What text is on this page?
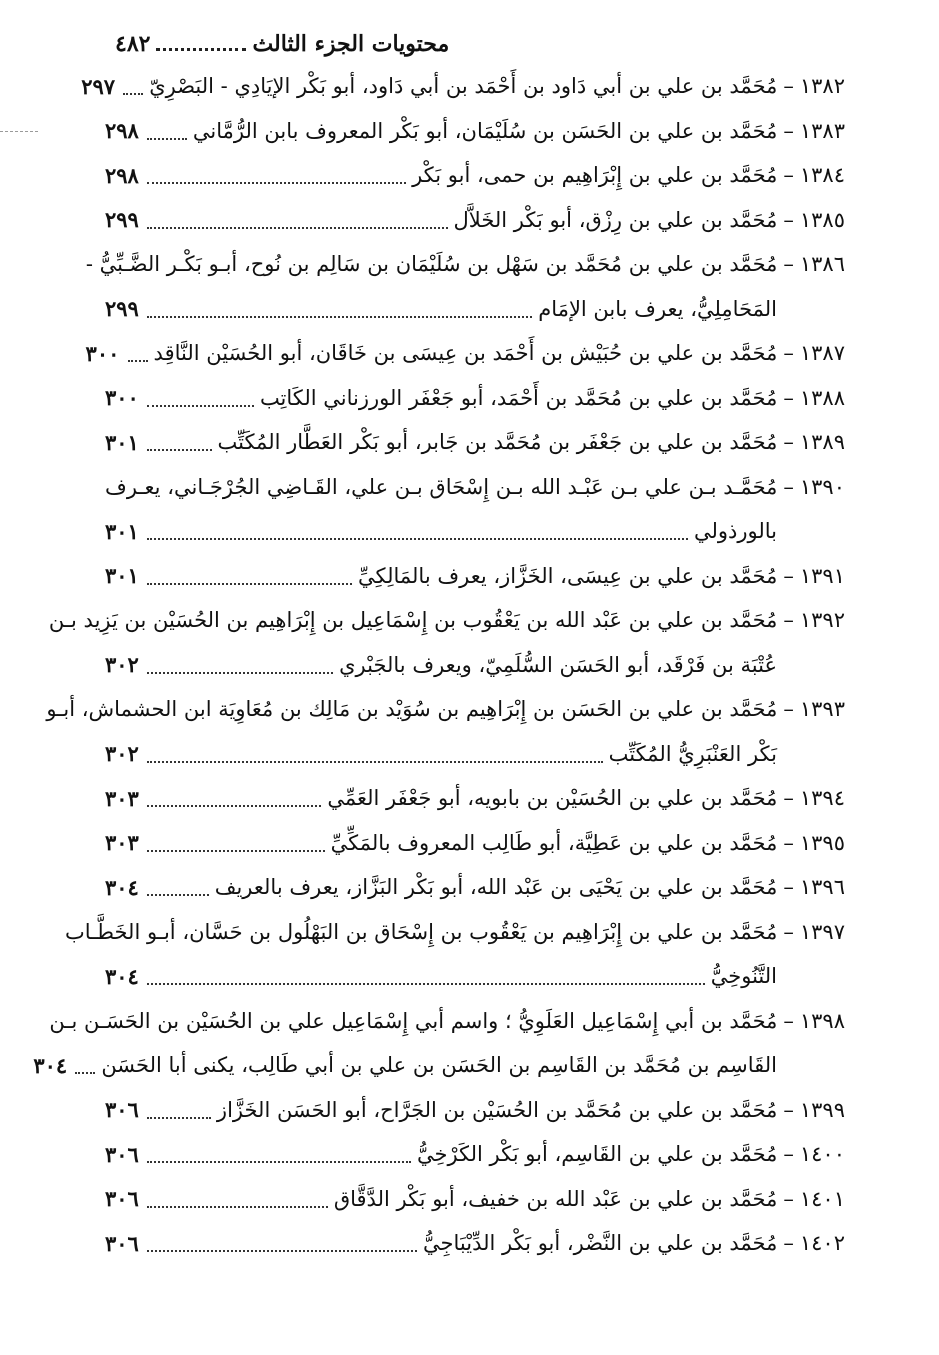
٤٨٢	محتويات الجزء الثالث
١٣٨٢
–
مُحَمَّد بن علي بن أبي دَاود بن أَحْمَد بن أبي دَاود، أبو بَكْر الإيَادِي - البَصْرِيّ
٢٩٧
١٣٨٣
–
مُحَمَّد بن علي بن الحَسَن بن سُلَيْمَان، أبو بَكْر المعروف بابن الرُّمَّاني
٢٩٨
١٣٨٤
–
مُحَمَّد بن علي بن إِبْرَاهِيم بن حمى، أبو بَكْر
٢٩٨
١٣٨٥
–
مُحَمَّد بن علي بن رِزْق، أبو بَكْر الخَلاَّل
٢٩٩
١٣٨٦
–
مُحَمَّد بن علي بن مُحَمَّد بن سَهْل بن سُلَيْمَان بن سَالِم بن نُوح، أبـو بَكْـر الضَّـبِّيُّ -
المَحَامِلِيُّ، يعرف بابن الإمَام
٢٩٩
١٣٨٧
–
مُحَمَّد بن علي بن حُبَيْش بن أَحْمَد بن عِيسَى بن خَاقَان، أبو الحُسَيْن النَّاقِد
٣٠٠
١٣٨٨
–
مُحَمَّد بن علي بن مُحَمَّد بن أَحْمَد، أبو جَعْفَر الورزناني الكَاتِب
٣٠٠
١٣٨٩
–
مُحَمَّد بن علي بن جَعْفَر بن مُحَمَّد بن جَابر، أبو بَكْر العَطَّار المُكَتِّب
٣٠١
١٣٩٠
–
مُحَمَّـد بـن علي بـن عَبْـد الله بـن إِسْحَاق بـن علي، القَـاضِي الجُرْجَـاني، يعـرف
بالورذولي
٣٠١
١٣٩١
–
مُحَمَّد بن علي بن عِيسَى، الخَزَّاز، يعرف بالمَالِكِيِّ
٣٠١
١٣٩٢
–
مُحَمَّد بن علي بن عَبْد الله بن يَعْقُوب بن إِسْمَاعِيل بن إِبْرَاهِيم بن الحُسَيْن بن يَزِيد بـن
عُتْبَة بن فَرْقَد، أبو الحَسَن السُّلَمِيّ، ويعرف بالجَبْري
٣٠٢
١٣٩٣
–
مُحَمَّد بن علي بن الحَسَن بن إِبْرَاهِيم بن سُوَيْد بن مَالِك بن مُعَاوِيَة ابن الحشماش، أبـو
بَكْر العَنْبَرِيُّ المُكَتِّب
٣٠٢
١٣٩٤
–
مُحَمَّد بن علي بن الحُسَيْن بن بابويه، أبو جَعْفَر العَمِّي
٣٠٣
١٣٩٥
–
مُحَمَّد بن علي بن عَطِيَّة، أبو طَالِب المعروف بالمَكِّيِّ
٣٠٣
١٣٩٦
–
مُحَمَّد بن علي بن يَحْيَى بن عَبْد الله، أبو بَكْر البَزَّاز، يعرف بالعريف
٣٠٤
١٣٩٧
–
مُحَمَّد بن علي بن إِبْرَاهِيم بن يَعْقُوب بن إِسْحَاق بن البَهْلُول بن حَسَّان، أبـو الخَطَّـاب
التَّنُوخِيُّ
٣٠٤
١٣٩٨
–
مُحَمَّد بن أبي إِسْمَاعِيل العَلَوِيُّ ؛ واسم أبي إِسْمَاعِيل علي بن الحُسَيْن بن الحَسَـن بـن
القَاسِم بن مُحَمَّد بن القَاسِم بن الحَسَن بن علي بن أبي طَالِب، يكنى أبا الحَسَن
٣٠٤
١٣٩٩
–
مُحَمَّد بن علي بن مُحَمَّد بن الحُسَيْن بن الجَرَّاح، أبو الحَسَن الخَزَّاز
٣٠٦
١٤٠٠
–
مُحَمَّد بن علي بن القَاسِم، أبو بَكْر الكَرْخِيُّ
٣٠٦
١٤٠١
–
مُحَمَّد بن علي بن عَبْد الله بن خفيف، أبو بَكْر الدَّقَّاق
٣٠٦
١٤٠٢
–
مُحَمَّد بن علي بن النَّضْر، أبو بَكْر الدِّيْبَاجِيُّ
٣٠٦
